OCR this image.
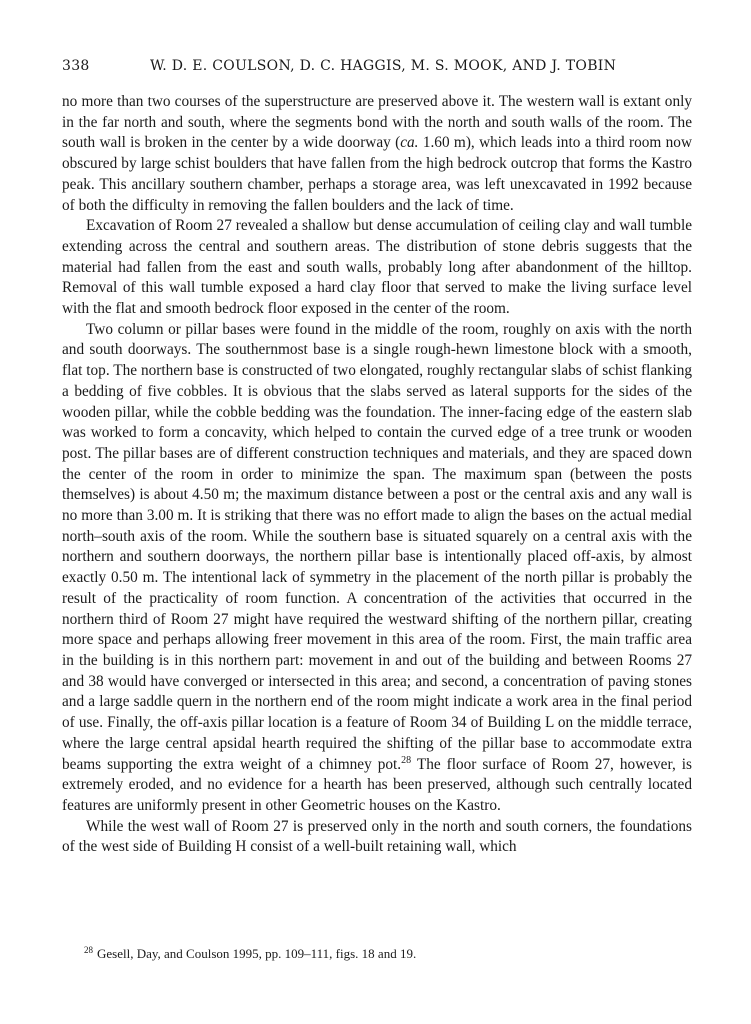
338	W. D. E. COULSON, D. C. HAGGIS, M. S. MOOK, AND J. TOBIN

no more than two courses of the superstructure are preserved above it. The western wall is extant only in the far north and south, where the segments bond with the north and south walls of the room. The south wall is broken in the center by a wide doorway (ca. 1.60 m), which leads into a third room now obscured by large schist boulders that have fallen from the high bedrock outcrop that forms the Kastro peak. This ancillary southern chamber, perhaps a storage area, was left unexcavated in 1992 because of both the difficulty in removing the fallen boulders and the lack of time.

Excavation of Room 27 revealed a shallow but dense accumulation of ceiling clay and wall tumble extending across the central and southern areas. The distribution of stone debris suggests that the material had fallen from the east and south walls, probably long after abandonment of the hilltop. Removal of this wall tumble exposed a hard clay floor that served to make the living surface level with the flat and smooth bedrock floor exposed in the center of the room.

Two column or pillar bases were found in the middle of the room, roughly on axis with the north and south doorways. The southernmost base is a single rough-hewn limestone block with a smooth, flat top. The northern base is constructed of two elongated, roughly rectangular slabs of schist flanking a bedding of five cobbles. It is obvious that the slabs served as lateral supports for the sides of the wooden pillar, while the cobble bedding was the foundation. The inner-facing edge of the eastern slab was worked to form a concavity, which helped to contain the curved edge of a tree trunk or wooden post. The pillar bases are of different construction techniques and materials, and they are spaced down the center of the room in order to minimize the span. The maximum span (between the posts themselves) is about 4.50 m; the maximum distance between a post or the central axis and any wall is no more than 3.00 m. It is striking that there was no effort made to align the bases on the actual medial north–south axis of the room. While the southern base is situated squarely on a central axis with the northern and southern doorways, the northern pillar base is intentionally placed off-axis, by almost exactly 0.50 m. The intentional lack of symmetry in the placement of the north pillar is probably the result of the practicality of room function. A concentration of the activities that occurred in the northern third of Room 27 might have required the westward shifting of the northern pillar, creating more space and perhaps allowing freer movement in this area of the room. First, the main traffic area in the building is in this northern part: movement in and out of the building and between Rooms 27 and 38 would have converged or intersected in this area; and second, a concentration of paving stones and a large saddle quern in the northern end of the room might indicate a work area in the final period of use. Finally, the off-axis pillar location is a feature of Room 34 of Building L on the middle terrace, where the large central apsidal hearth required the shifting of the pillar base to accommodate extra beams supporting the extra weight of a chimney pot.$^{28}$ The floor surface of Room 27, however, is extremely eroded, and no evidence for a hearth has been preserved, although such centrally located features are uniformly present in other Geometric houses on the Kastro.

While the west wall of Room 27 is preserved only in the north and south corners, the foundations of the west side of Building H consist of a well-built retaining wall, which

$^{28}$ Gesell, Day, and Coulson 1995, pp. 109–111, figs. 18 and 19.
